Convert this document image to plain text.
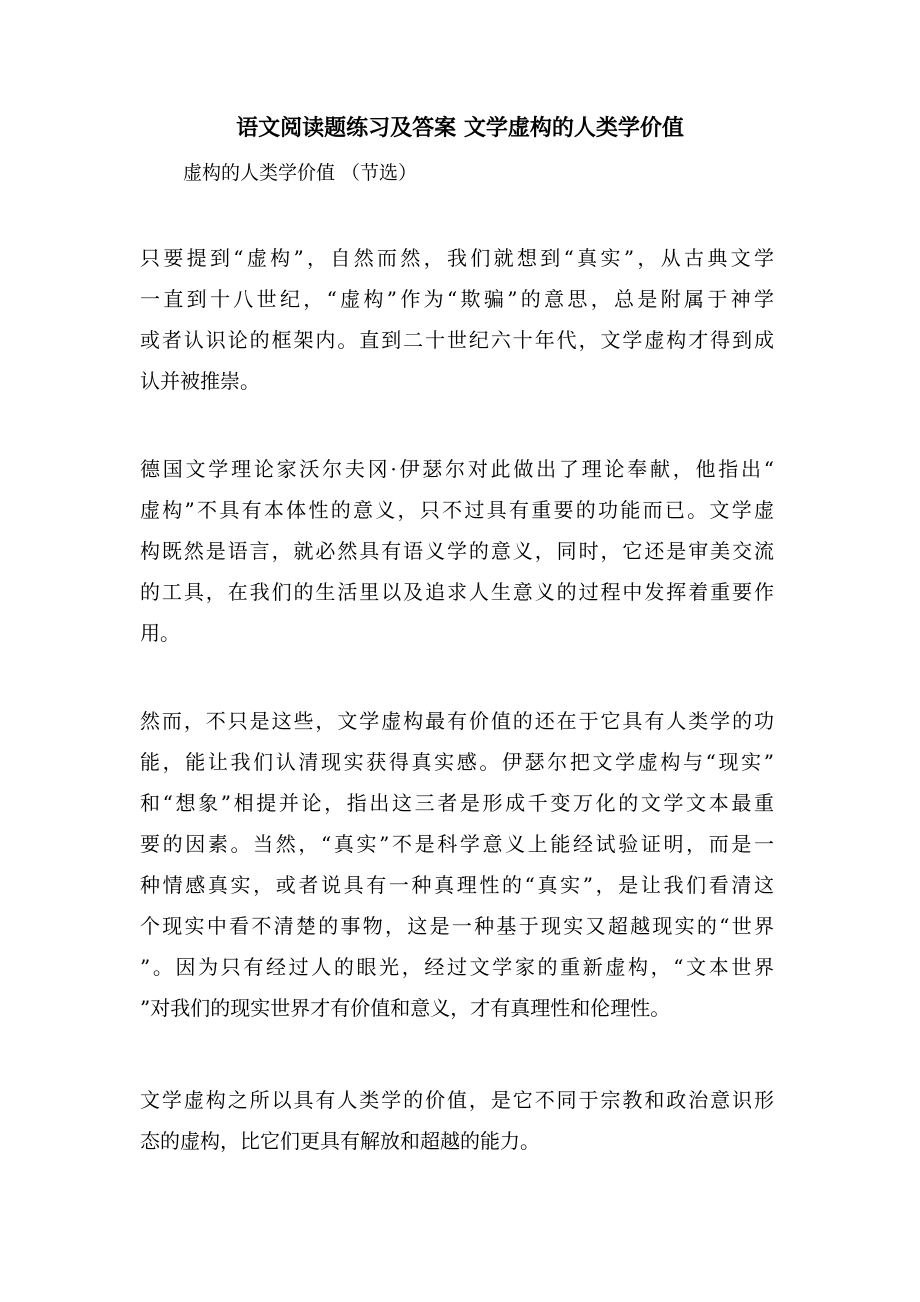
语文阅读题练习及答案 文学虚构的人类学价值

虚构的人类学价值 （节选）

只要提到“虚构”，自然而然，我们就想到“真实”，从古典文学
一直到十八世纪，“虚构”作为“欺骗”的意思，总是附属于神学
或者认识论的框架内。直到二十世纪六十年代，文学虚构才得到成
认并被推崇。
德国文学理论家沃尔夫冈·伊瑟尔对此做出了理论奉献，他指出“
虚构”不具有本体性的意义，只不过具有重要的功能而已。文学虚
构既然是语言，就必然具有语义学的意义，同时，它还是审美交流
的工具，在我们的生活里以及追求人生意义的过程中发挥着重要作
用。
然而，不只是这些，文学虚构最有价值的还在于它具有人类学的功
能，能让我们认清现实获得真实感。伊瑟尔把文学虚构与“现实”
和“想象”相提并论，指出这三者是形成千变万化的文学文本最重
要的因素。当然，“真实”不是科学意义上能经试验证明，而是一
种情感真实，或者说具有一种真理性的“真实”，是让我们看清这
个现实中看不清楚的事物，这是一种基于现实又超越现实的“世界
”。因为只有经过人的眼光，经过文学家的重新虚构，“文本世界
”对我们的现实世界才有价值和意义，才有真理性和伦理性。
文学虚构之所以具有人类学的价值，是它不同于宗教和政治意识形
态的虚构，比它们更具有解放和超越的能力。
